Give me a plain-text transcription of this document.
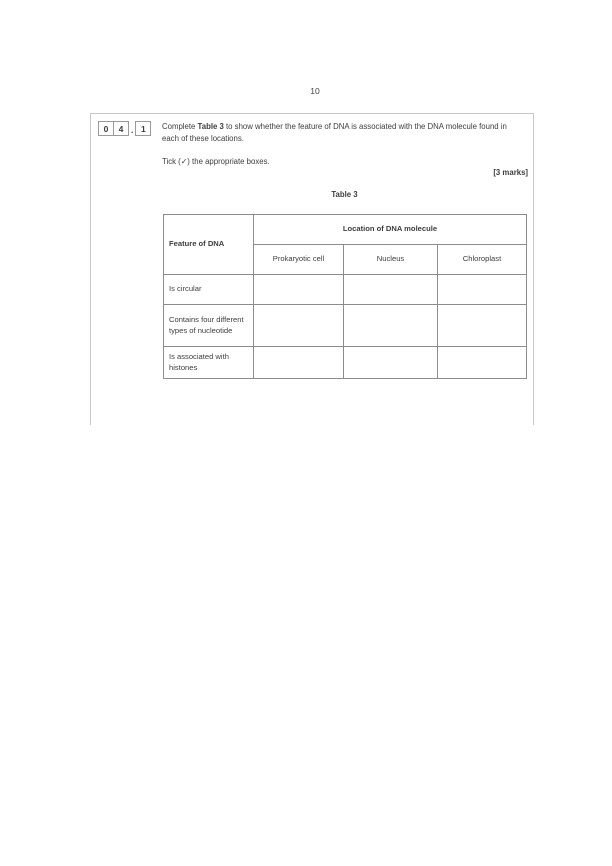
10
0	4 . 1	Complete Table 3 to show whether the feature of DNA is associated with the DNA molecule found in each of these locations.
Tick (✓) the appropriate boxes.
[3 marks]
Table 3
Feature of DNA	Location of DNA molecule		
	Prokaryotic cell	Nucleus	Chloroplast
Is circular			
Contains four different types of nucleotide			
Is associated with histones			
